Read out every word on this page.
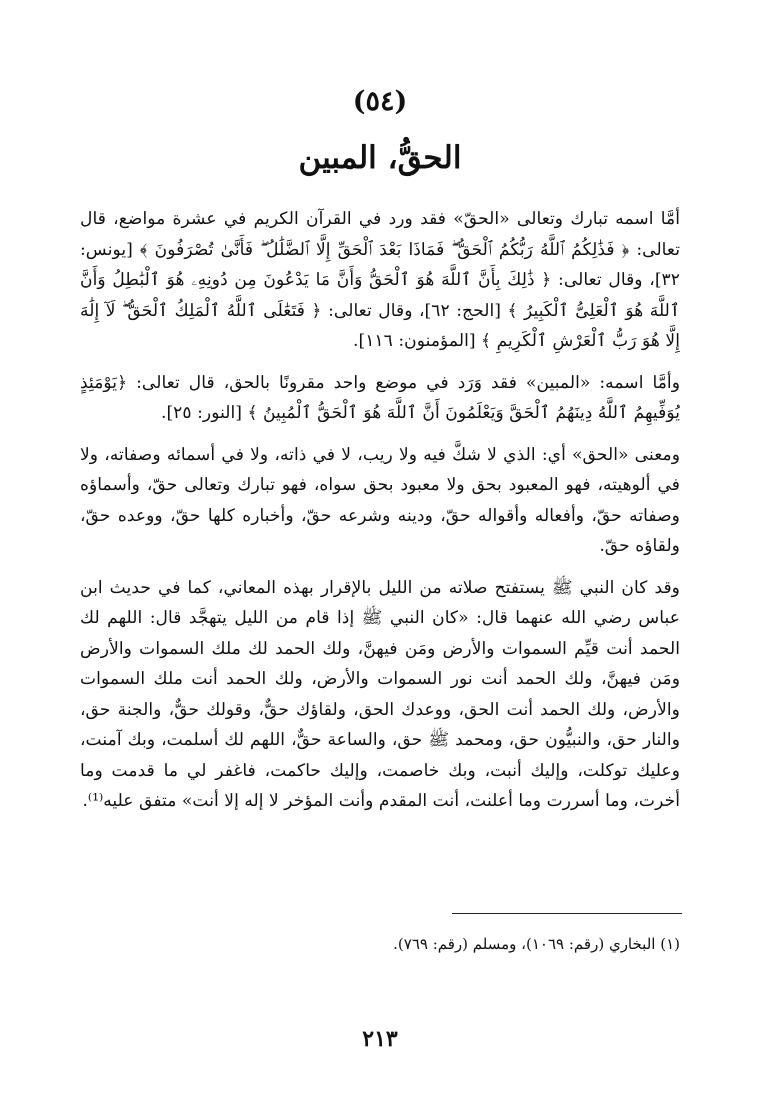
(٥٤)
الحقُّ، المبين

أمَّا اسمه تبارك وتعالى «الحقّ» فقد ورد في القرآن الكريم في عشرة مواضع، قال تعالى: ﴿ فَذَٰلِكُمُ ٱللَّهُ رَبُّكُمُ ٱلْحَقُّ ۖ فَمَاذَا بَعْدَ ٱلْحَقِّ إِلَّا ٱلضَّلَٰلُ ۖ فَأَنَّىٰ تُصْرَفُونَ ﴾ [يونس: ٣٢]، وقال تعالى: ﴿ ذَٰلِكَ بِأَنَّ ٱللَّهَ هُوَ ٱلْحَقُّ وَأَنَّ مَا يَدْعُونَ مِن دُونِهِۦ هُوَ ٱلْبَٰطِلُ وَأَنَّ ٱللَّهَ هُوَ ٱلْعَلِىُّ ٱلْكَبِيرُ ﴾ [الحج: ٦٢]، وقال تعالى: ﴿ فَتَعَٰلَى ٱللَّهُ ٱلْمَلِكُ ٱلْحَقُّ ۖ لَآ إِلَٰهَ إِلَّا هُوَ رَبُّ ٱلْعَرْشِ ٱلْكَرِيمِ ﴾ [المؤمنون: ١١٦].

وأمَّا اسمه: «المبين» فقد وَرَد في موضع واحد مقرونًا بالحق، قال تعالى: ﴿يَوْمَئِذٍ يُوَفِّيهِمُ ٱللَّهُ دِينَهُمُ ٱلْحَقَّ وَيَعْلَمُونَ أَنَّ ٱللَّهَ هُوَ ٱلْحَقُّ ٱلْمُبِينُ ﴾ [النور: ٢٥].

ومعنى «الحق» أي: الذي لا شكَّ فيه ولا ريب، لا في ذاته، ولا في أسمائه وصفاته، ولا في ألوهيته، فهو المعبود بحق ولا معبود بحق سواه، فهو تبارك وتعالى حقّ، وأسماؤه وصفاته حقّ، وأفعاله وأقواله حقّ، ودينه وشرعه حقّ، وأخباره كلها حقّ، ووعده حقّ، ولقاؤه حقّ.

وقد كان النبي ﷺ يستفتح صلاته من الليل بالإقرار بهذه المعاني، كما في حديث ابن عباس رضي الله عنهما قال: «كان النبي ﷺ إذا قام من الليل يتهجَّد قال: اللهم لك الحمد أنت قيِّم السموات والأرض ومَن فيهنَّ، ولك الحمد لك ملك السموات والأرض ومَن فيهنَّ، ولك الحمد أنت نور السموات والأرض، ولك الحمد أنت ملك السموات والأرض، ولك الحمد أنت الحق، ووعدك الحق، ولقاؤك حقٌّ، وقولك حقٌّ، والجنة حق، والنار حق، والنبيُّون حق، ومحمد ﷺ حق، والساعة حقٌّ، اللهم لك أسلمت، وبك آمنت، وعليك توكلت، وإليك أنبت، وبك خاصمت، وإليك حاكمت، فاغفر لي ما قدمت وما أخرت، وما أسررت وما أعلنت، أنت المقدم وأنت المؤخر لا إله إلا أنت» متفق عليه⁽¹⁾.

(١) البخاري (رقم: ١٠٦٩)، ومسلم (رقم: ٧٦٩).
٢١٣
